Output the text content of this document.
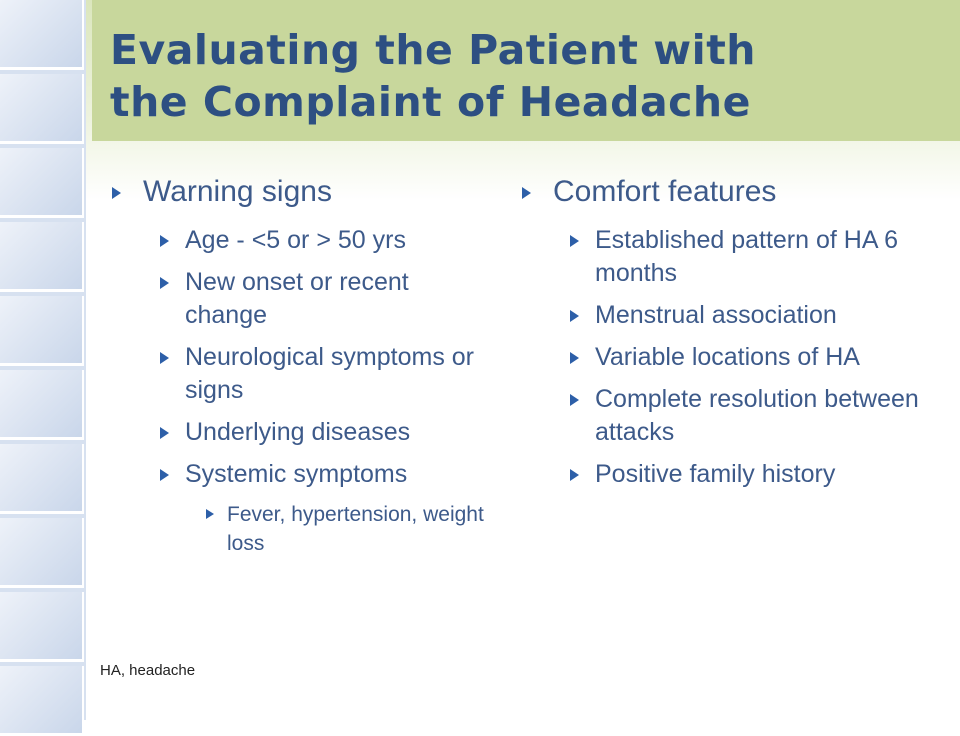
Evaluating the Patient with
the Complaint of Headache
Warning signs
Age - <5 or > 50 yrs
New onset or recent change
Neurological symptoms or signs
Underlying diseases
Systemic symptoms
Fever, hypertension, weight loss
Comfort features
Established pattern of HA 6 months
Menstrual association
Variable locations of HA
Complete resolution between attacks
Positive family history
HA, headache
